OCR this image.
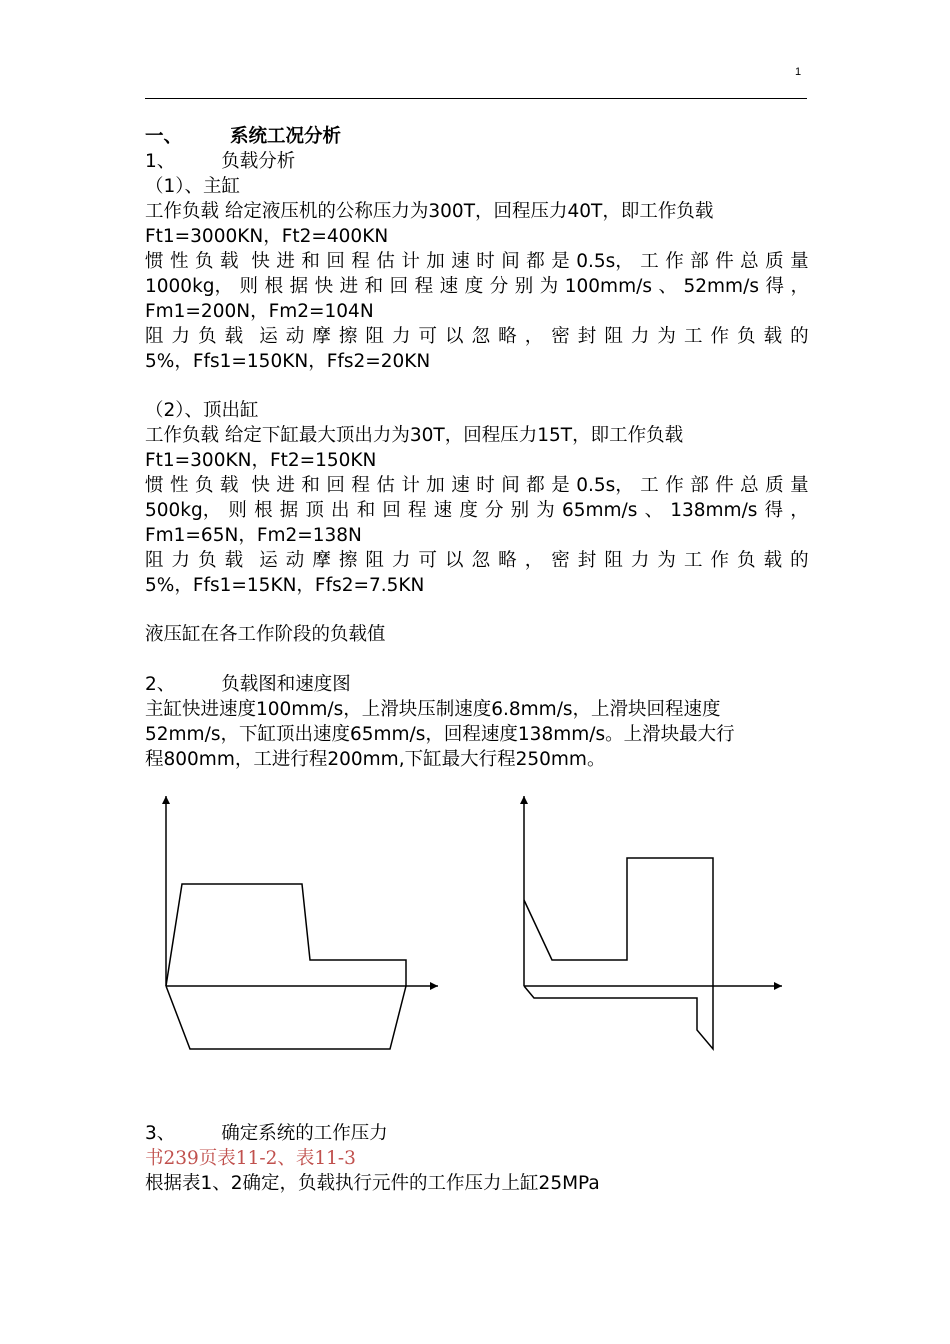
1
一、	系统工况分析
1、 负载分析
（1）、主缸
工作负载 给定液压机的公称压力为300T，回程压力40T，即工作负载
Ft1=3000KN，Ft2=400KN
惯 性 负 载 快 进 和 回 程 估 计 加 速 时 间 都 是 0.5s， 工 作 部 件 总 质 量
1000kg， 则 根 据 快 进 和 回 程 速 度 分 别 为 100mm/s 、 52mm/s 得 ，
Fm1=200N，Fm2=104N
阻 力 负 载 运 动 摩 擦 阻 力 可 以 忽 略 ， 密 封 阻 力 为 工 作 负 载 的
5%，Ffs1=150KN，Ffs2=20KN
（2）、顶出缸
工作负载 给定下缸最大顶出力为30T，回程压力15T，即工作负载
Ft1=300KN，Ft2=150KN
惯 性 负 载 快 进 和 回 程 估 计 加 速 时 间 都 是 0.5s， 工 作 部 件 总 质 量
500kg， 则 根 据 顶 出 和 回 程 速 度 分 别 为 65mm/s 、 138mm/s 得 ，
Fm1=65N，Fm2=138N
阻 力 负 载 运 动 摩 擦 阻 力 可 以 忽 略 ， 密 封 阻 力 为 工 作 负 载 的
5%，Ffs1=15KN，Ffs2=7.5KN
液压缸在各工作阶段的负载值
2、 负载图和速度图
主缸快进速度100mm/s，上滑块压制速度6.8mm/s，上滑块回程速度
52mm/s，下缸顶出速度65mm/s，回程速度138mm/s。上滑块最大行
程800mm，工进行程200mm,下缸最大行程250mm。
3、 确定系统的工作压力
书239页表11-2、表11-3
根据表1、2确定，负载执行元件的工作压力上缸25MPa
